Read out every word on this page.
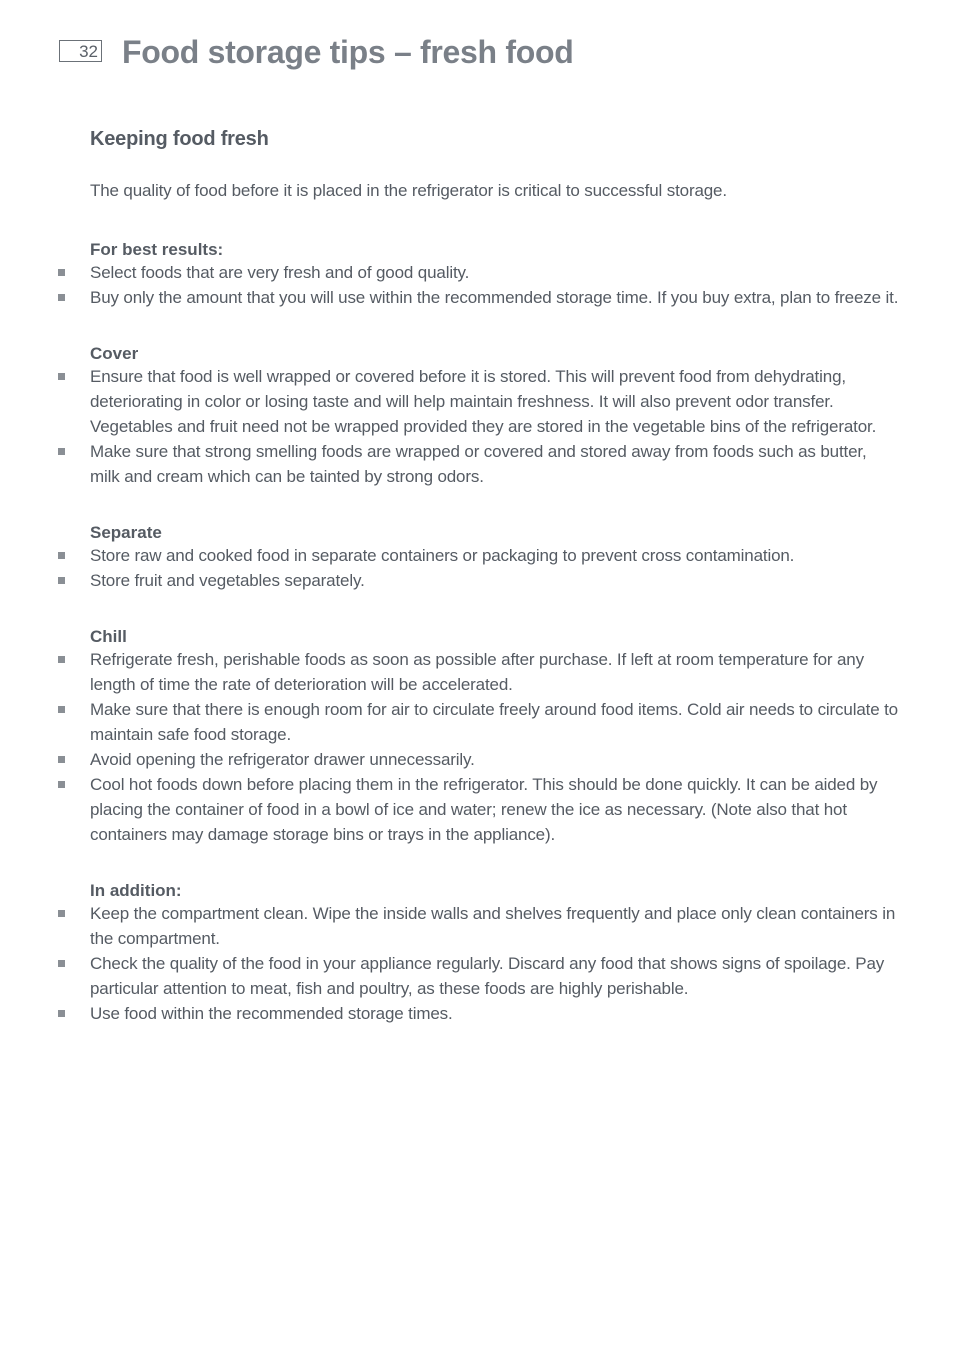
32 Food storage tips – fresh food
Keeping food fresh

The quality of food before it is placed in the refrigerator is critical to successful storage.

For best results:
Select foods that are very fresh and of good quality.
Buy only the amount that you will use within the recommended storage time. If you buy extra, plan to freeze it.
Cover
Ensure that food is well wrapped or covered before it is stored. This will prevent food from dehydrating, deteriorating in color or losing taste and will help maintain freshness. It will also prevent odor transfer. Vegetables and fruit need not be wrapped provided they are stored in the vegetable bins of the refrigerator.
Make sure that strong smelling foods are wrapped or covered and stored away from foods such as butter, milk and cream which can be tainted by strong odors.
Separate
Store raw and cooked food in separate containers or packaging to prevent cross contamination.
Store fruit and vegetables separately.
Chill
Refrigerate fresh, perishable foods as soon as possible after purchase. If left at room temperature for any length of time the rate of deterioration will be accelerated.
Make sure that there is enough room for air to circulate freely around food items. Cold air needs to circulate to maintain safe food storage.
Avoid opening the refrigerator drawer unnecessarily.
Cool hot foods down before placing them in the refrigerator. This should be done quickly. It can be aided by placing the container of food in a bowl of ice and water; renew the ice as necessary. (Note also that hot containers may damage storage bins or trays in the appliance).
In addition:
Keep the compartment clean. Wipe the inside walls and shelves frequently and place only clean containers in the compartment.
Check the quality of the food in your appliance regularly. Discard any food that shows signs of spoilage. Pay particular attention to meat, fish and poultry, as these foods are highly perishable.
Use food within the recommended storage times.
